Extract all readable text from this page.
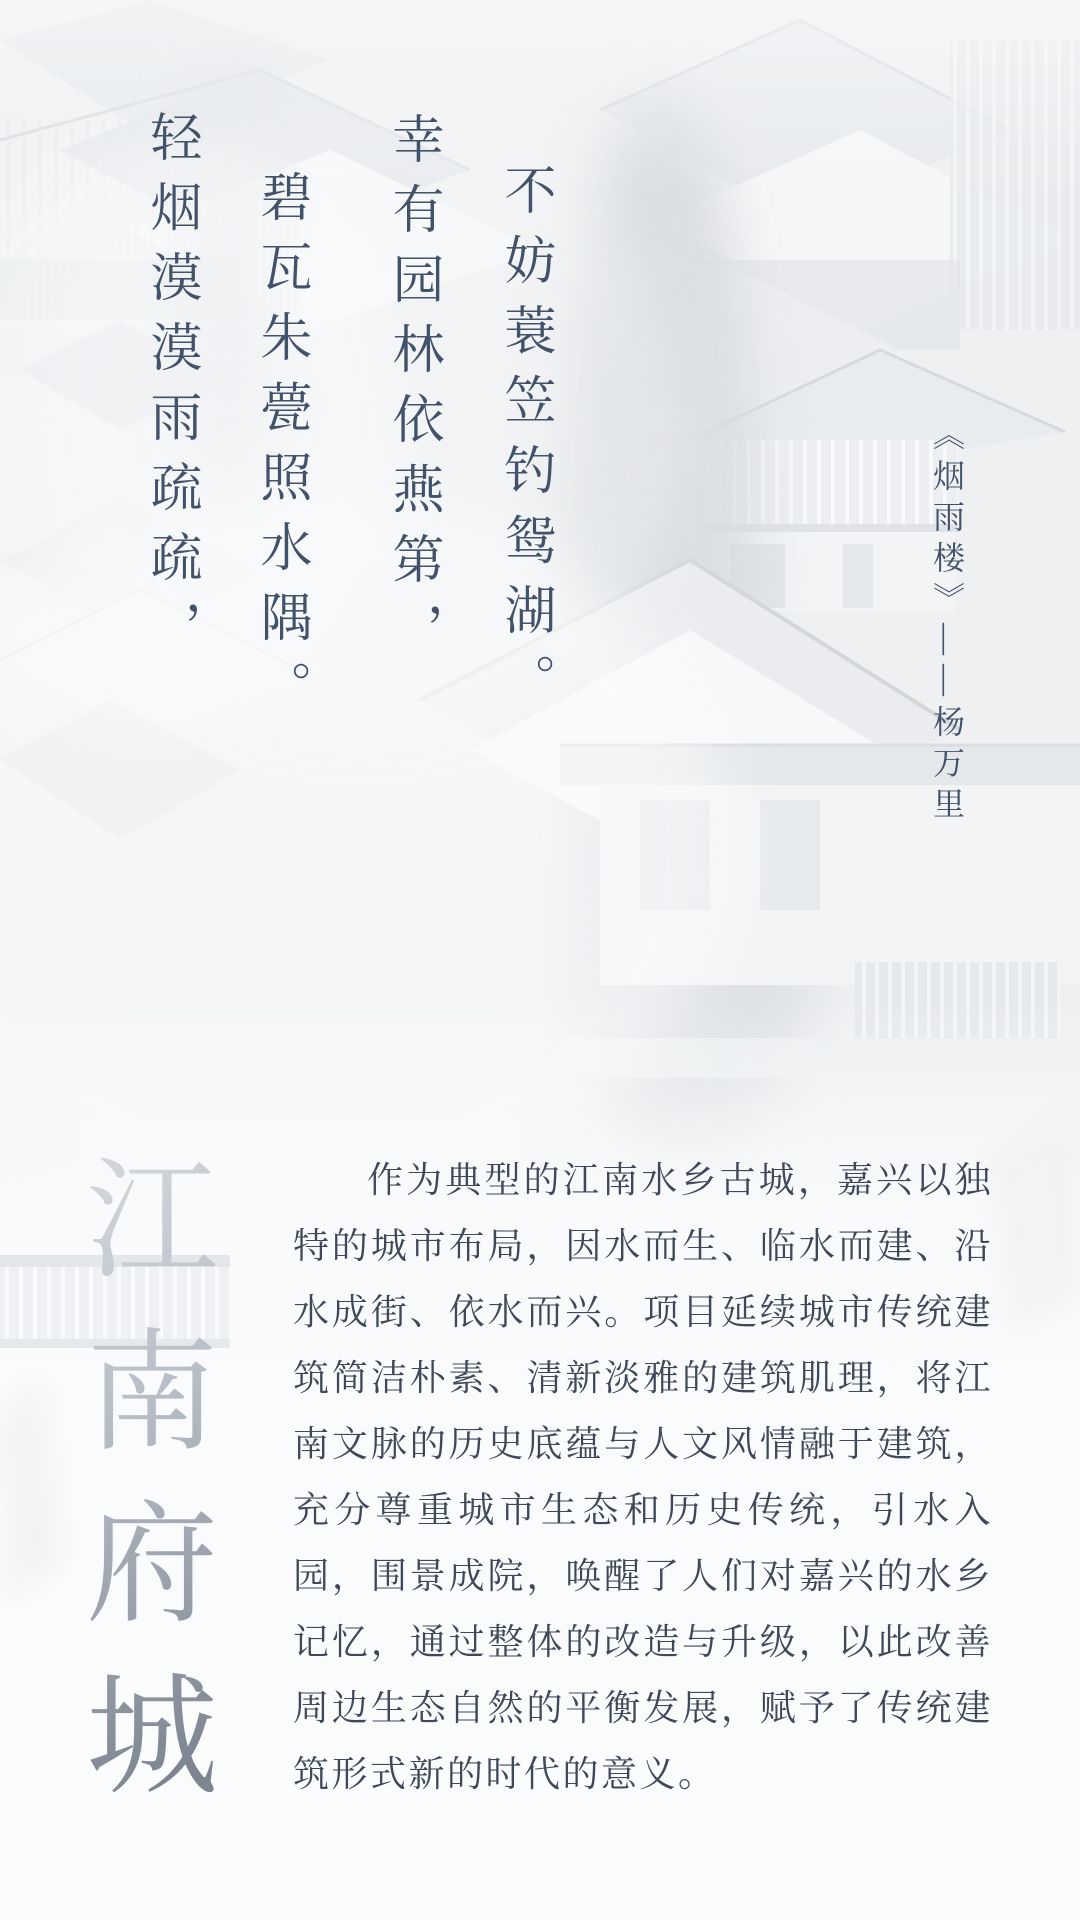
轻烟漠漠雨疏疏， 碧瓦朱甍照水隅。 幸有园林依燕第， 不妨蓑笠钓鸳湖。	《烟雨楼》——杨万里
江南府城	作为典型的江南水乡古城，嘉兴以独特的城市布局，因水而生、临水而建、沿水成街、依水而兴。项目延续城市传统建筑简洁朴素、清新淡雅的建筑肌理，将江南文脉的历史底蕴与人文风情融于建筑，充分尊重城市生态和历史传统，引水入园，围景成院，唤醒了人们对嘉兴的水乡记忆，通过整体的改造与升级，以此改善周边生态自然的平衡发展，赋予了传统建筑形式新的时代的意义。
